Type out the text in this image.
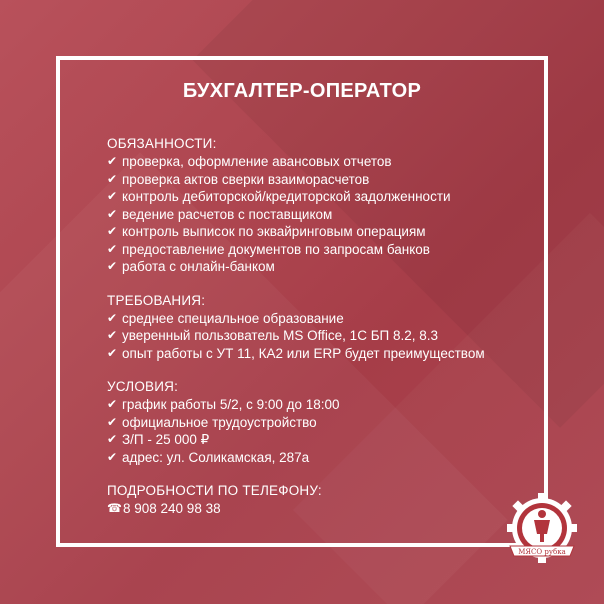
БУХГАЛТЕР-ОПЕРАТОР
ОБЯЗАННОСТИ:
✔ проверка, оформление авансовых отчетов
✔ проверка актов сверки взаиморасчетов
✔ контроль дебиторской/кредиторской задолженности
✔ ведение расчетов с поставщиком
✔ контроль выписок по эквайринговым операциям
✔ предоставление документов по запросам банков
✔ работа с онлайн-банком
ТРЕБОВАНИЯ:
✔ среднее специальное образование
✔ уверенный пользователь MS Office, 1С БП 8.2, 8.3
✔ опыт работы с УТ 11, КА2 или ERP будет преимуществом
УСЛОВИЯ:
✔ график работы 5/2, с 9:00 до 18:00
✔ официальное трудоустройство
✔ З/П - 25 000 ₽
✔ адрес: ул. Соликамская, 287а
ПОДРОБНОСТИ ПО ТЕЛЕФОНУ:
☎ 8 908 240 98 38
МЯСО рубка
